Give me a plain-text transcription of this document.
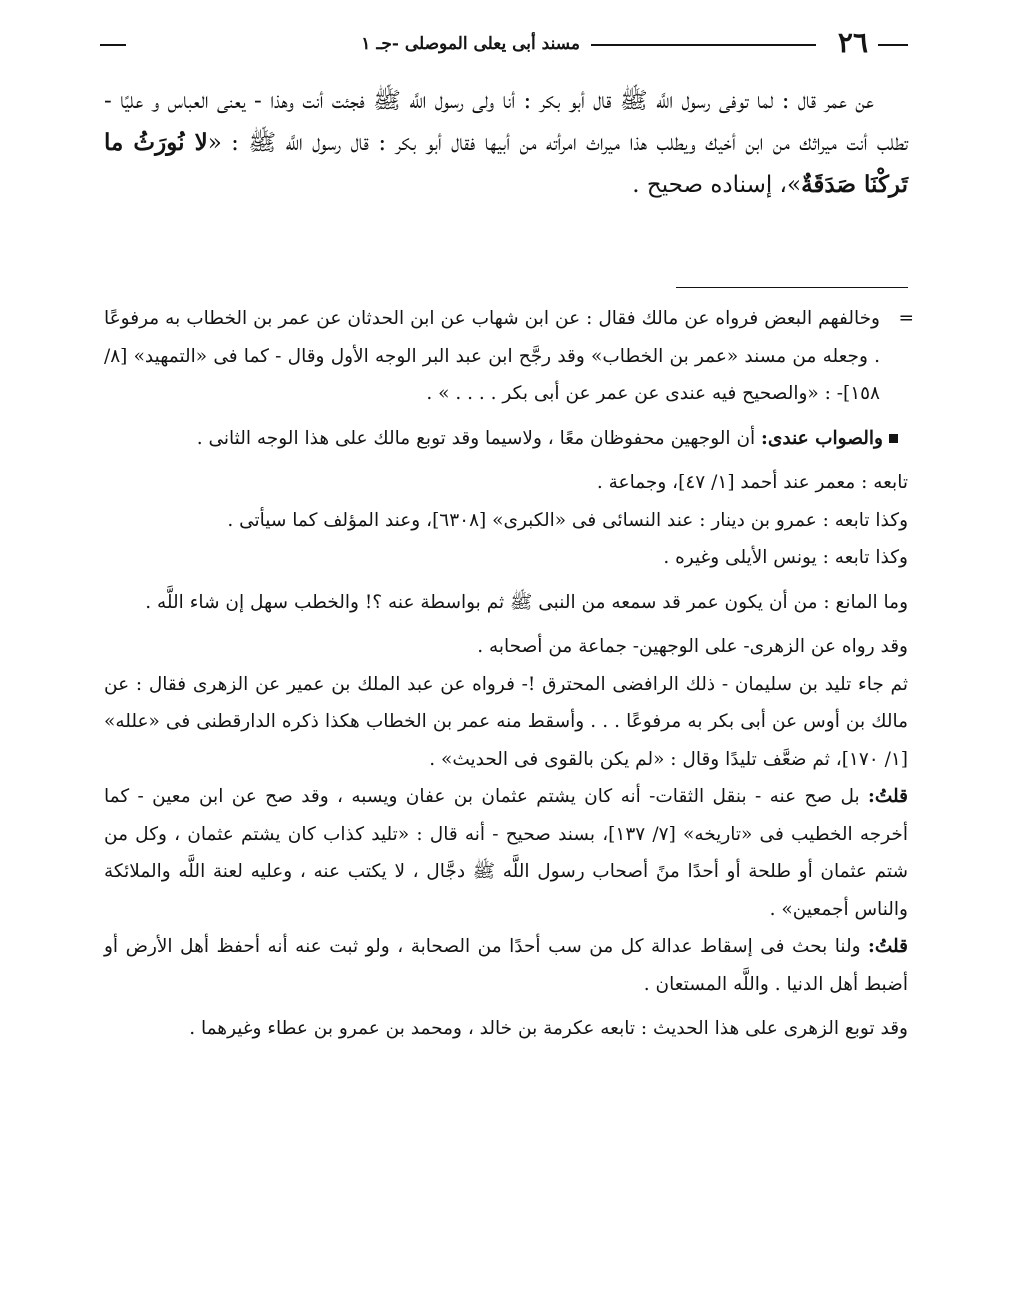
٢٦
مسند أبى يعلى الموصلى -جـ ١

عن عمر قال : لما توفى رسول اللَّه ﷺ قال أبو بكر : أنا ولى رسول اللَّه ﷺ فجئت أنت وهذا - يعنى العباس و عليًا - تطلب أنت ميراثك من ابن أخيك ويطلب هذا ميراث امرأته من أبيها فقال أبو بكر : قال رسول اللَّه ﷺ : «لا نُورَثُ ما تَركْنَا صَدَقَةٌ»، إسناده صحيح .

=
وخالفهم البعض فرواه عن مالك فقال : عن ابن شهاب عن ابن الحدثان عن عمر بن الخطاب به مرفوعًا . وجعله من مسند «عمر بن الخطاب» وقد رجَّح ابن عبد البر الوجه الأول وقال - كما فى «التمهيد» [٨/ ١٥٨]- : «والصحيح فيه عندى عن عمر عن أبى بكر . . . . » .

والصواب عندى: أن الوجهين محفوظان معًا ، ولاسيما وقد توبع مالك على هذا الوجه الثانى .

تابعه : معمر عند أحمد [١/ ٤٧]، وجماعة .

وكذا تابعه : عمرو بن دينار : عند النسائى فى «الكبرى» [٦٣٠٨]، وعند المؤلف كما سيأتى .

وكذا تابعه : يونس الأيلى وغيره .

وما المانع : من أن يكون عمر قد سمعه من النبى ﷺ ثم بواسطة عنه ؟! والخطب سهل إن شاء اللَّه .

وقد رواه عن الزهرى- على الوجهين- جماعة من أصحابه .

ثم جاء تليد بن سليمان - ذلك الرافضى المحترق !- فرواه عن عبد الملك بن عمير عن الزهرى فقال : عن مالك بن أوس عن أبى بكر به مرفوعًا . . . وأسقط منه عمر بن الخطاب هكذا ذكره الدارقطنى فى «علله» [١/ ١٧٠]، ثم ضعَّف تليدًا وقال : «لم يكن بالقوى فى الحديث» .

قلتُ: بل صح عنه - بنقل الثقات- أنه كان يشتم عثمان بن عفان ويسبه ، وقد صح عن ابن معين - كما أخرجه الخطيب فى «تاريخه» [٧/ ١٣٧]، بسند صحيح - أنه قال : «تليد كذاب كان يشتم عثمان ، وكل من شتم عثمان أو طلحة أو أحدًا منً أصحاب رسول اللَّه ﷺ دجَّال ، لا يكتب عنه ، وعليه لعنة اللَّه والملائكة والناس أجمعين» .

قلتُ: ولنا بحث فى إسقاط عدالة كل من سب أحدًا من الصحابة ، ولو ثبت عنه أنه أحفظ أهل الأرض أو أضبط أهل الدنيا . واللَّه المستعان .

وقد توبع الزهرى على هذا الحديث : تابعه عكرمة بن خالد ، ومحمد بن عمرو بن عطاء وغيرهما .
